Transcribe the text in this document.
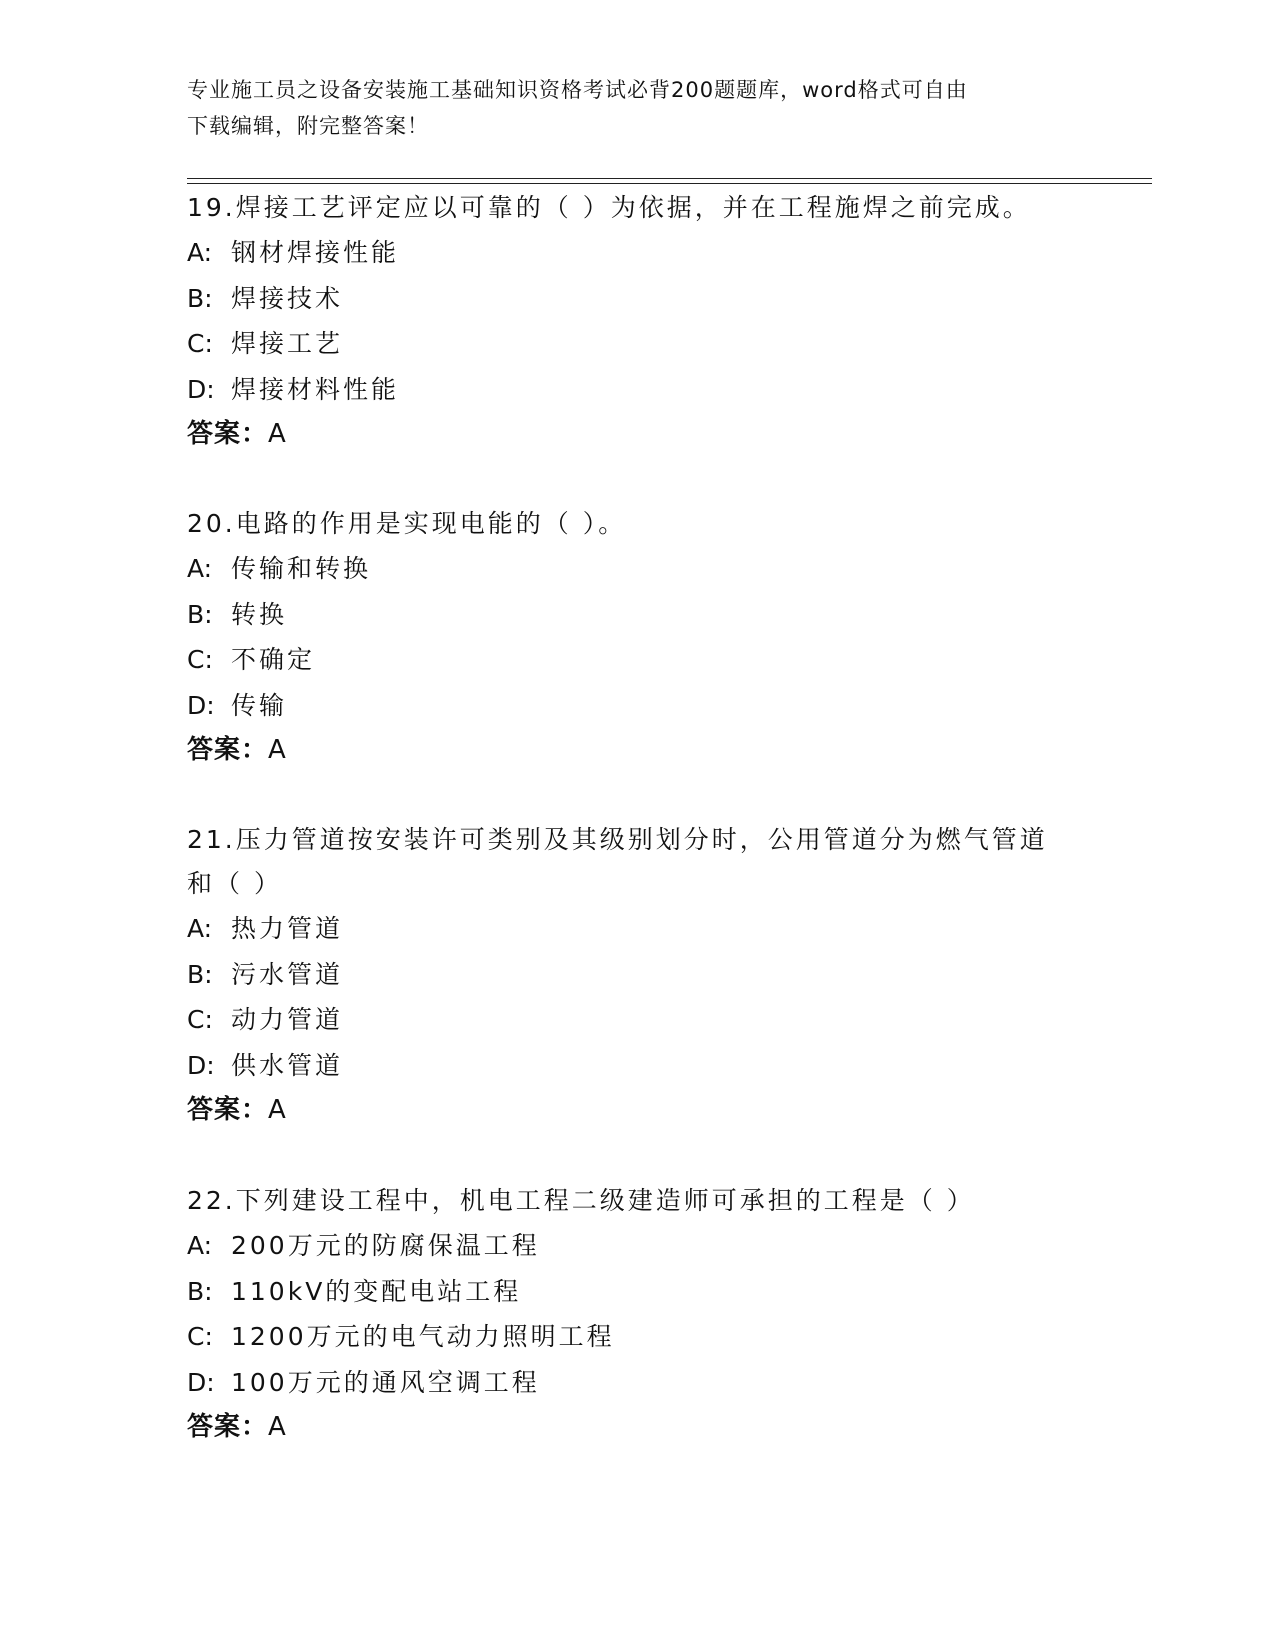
专业施工员之设备安装施工基础知识资格考试必背200题题库，word格式可自由
下载编辑，附完整答案！

19.焊接工艺评定应以可靠的（ ）为依据，并在工程施焊之前完成。

A: 钢材焊接性能

B: 焊接技术

C: 焊接工艺

D: 焊接材料性能

答案：A

20.电路的作用是实现电能的（ ）。

A: 传输和转换

B: 转换

C: 不确定

D: 传输

答案：A

21.压力管道按安装许可类别及其级别划分时，公用管道分为燃气管道

和（ ）

A: 热力管道

B: 污水管道

C: 动力管道

D: 供水管道

答案：A

22.下列建设工程中，机电工程二级建造师可承担的工程是（ ）

A: 200万元的防腐保温工程

B: 110kV的变配电站工程

C: 1200万元的电气动力照明工程

D: 100万元的通风空调工程

答案：A
